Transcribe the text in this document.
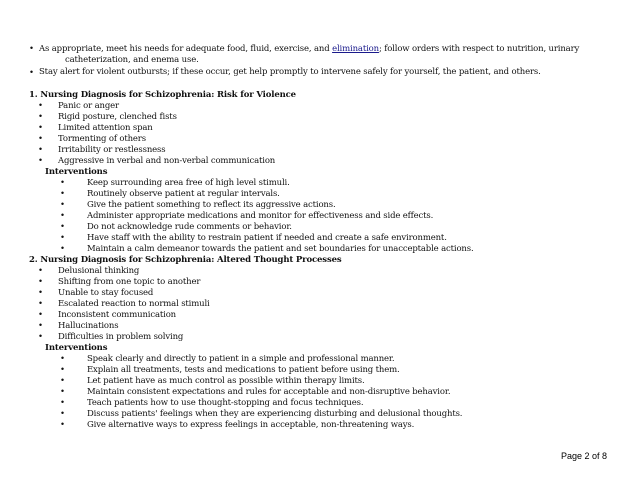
• As appropriate, meet his needs for adequate food, fluid, exercise, and elimination; follow orders with respect to nutrition, urinary
catheterization, and enema use.
• Stay alert for violent outbursts; if these occur, get help promptly to intervene safely for yourself, the patient, and others.
1. Nursing Diagnosis for Schizophrenia: Risk for Violence
• Panic or anger
• Rigid posture, clenched fists
• Limited attention span
• Tormenting of others
• Irritability or restlessness
• Aggressive in verbal and non-verbal communication
Interventions
•	Keep surrounding area free of high level stimuli.
•	Routinely observe patient at regular intervals.
•	Give the patient something to reflect its aggressive actions.
•	Administer appropriate medications and monitor for effectiveness and side effects.
•	Do not acknowledge rude comments or behavior.
•	Have staff with the ability to restrain patient if needed and create a safe environment.
•	Maintain a calm demeanor towards the patient and set boundaries for unacceptable actions.
2. Nursing Diagnosis for Schizophrenia: Altered Thought Processes
• Delusional thinking
• Shifting from one topic to another
• Unable to stay focused
• Escalated reaction to normal stimuli
• Inconsistent communication
• Hallucinations
• Difficulties in problem solving
Interventions
•	Speak clearly and directly to patient in a simple and professional manner.
•	Explain all treatments, tests and medications to patient before using them.
•	Let patient have as much control as possible within therapy limits.
•	Maintain consistent expectations and rules for acceptable and non-disruptive behavior.
•	Teach patients how to use thought-stopping and focus techniques.
•	Discuss patients' feelings when they are experiencing disturbing and delusional thoughts.
•	Give alternative ways to express feelings in acceptable, non-threatening ways.
Page 2 of 8
